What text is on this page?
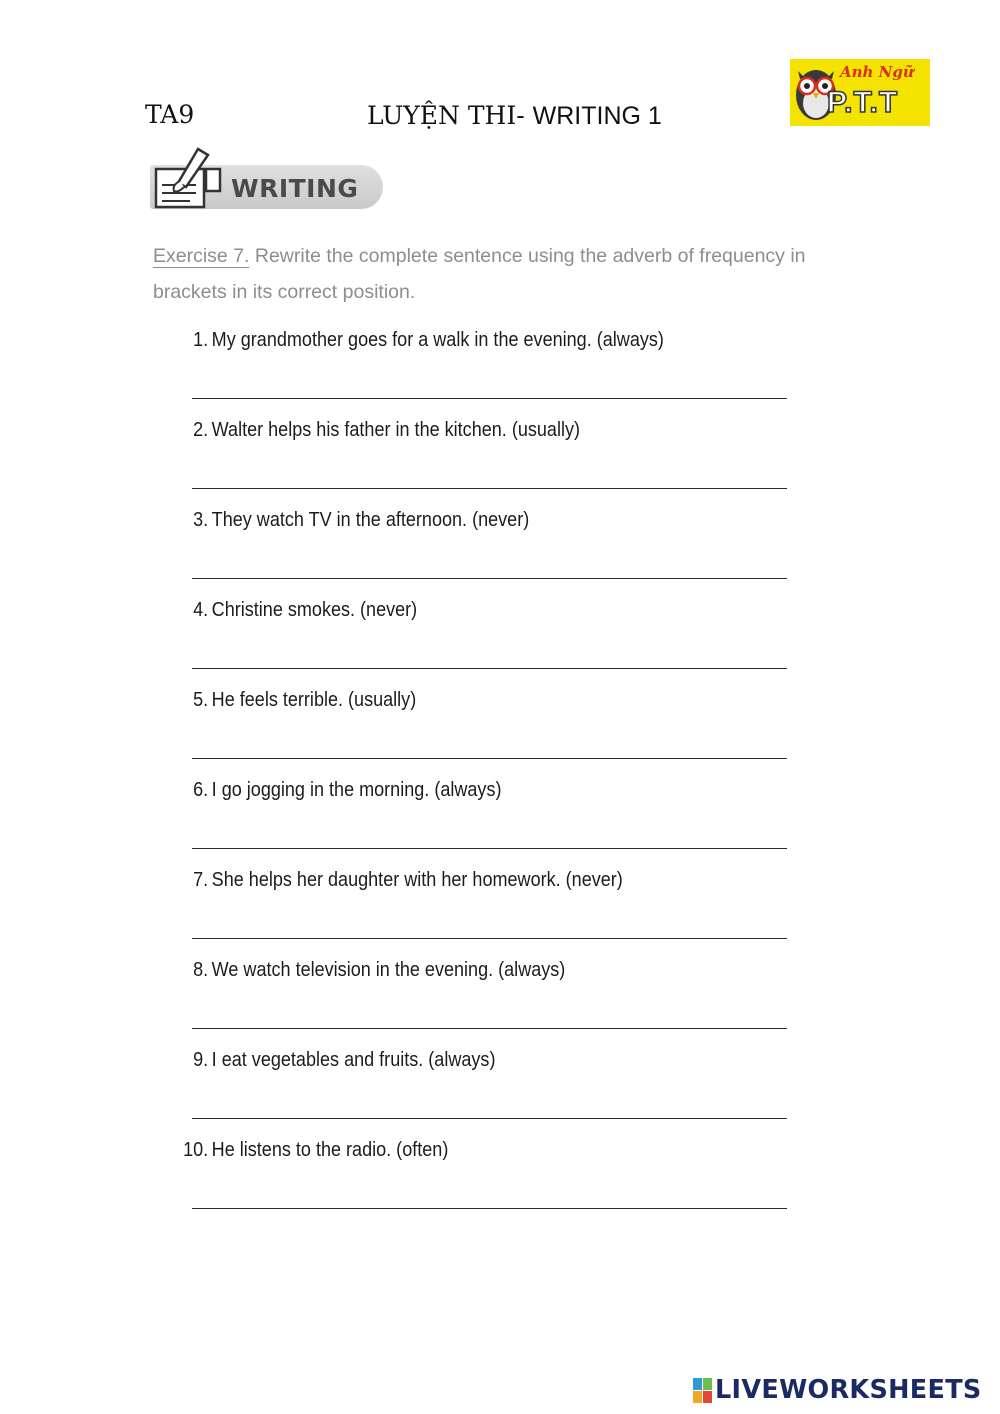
TA9	LUYỆN THI- WRITING 1
Anh Ngữ
P.T.T
WRITING
Exercise 7. Rewrite the complete sentence using the adverb of frequency in brackets in its correct position.
1. My grandmother goes for a walk in the evening. (always)
2. Walter helps his father in the kitchen. (usually)
3. They watch TV in the afternoon. (never)
4. Christine smokes. (never)
5. He feels terrible. (usually)
6. I go jogging in the morning. (always)
7. She helps her daughter with her homework. (never)
8. We watch television in the evening. (always)
9. I eat vegetables and fruits. (always)
10. He listens to the radio. (often)
LIVEWORKSHEETS
